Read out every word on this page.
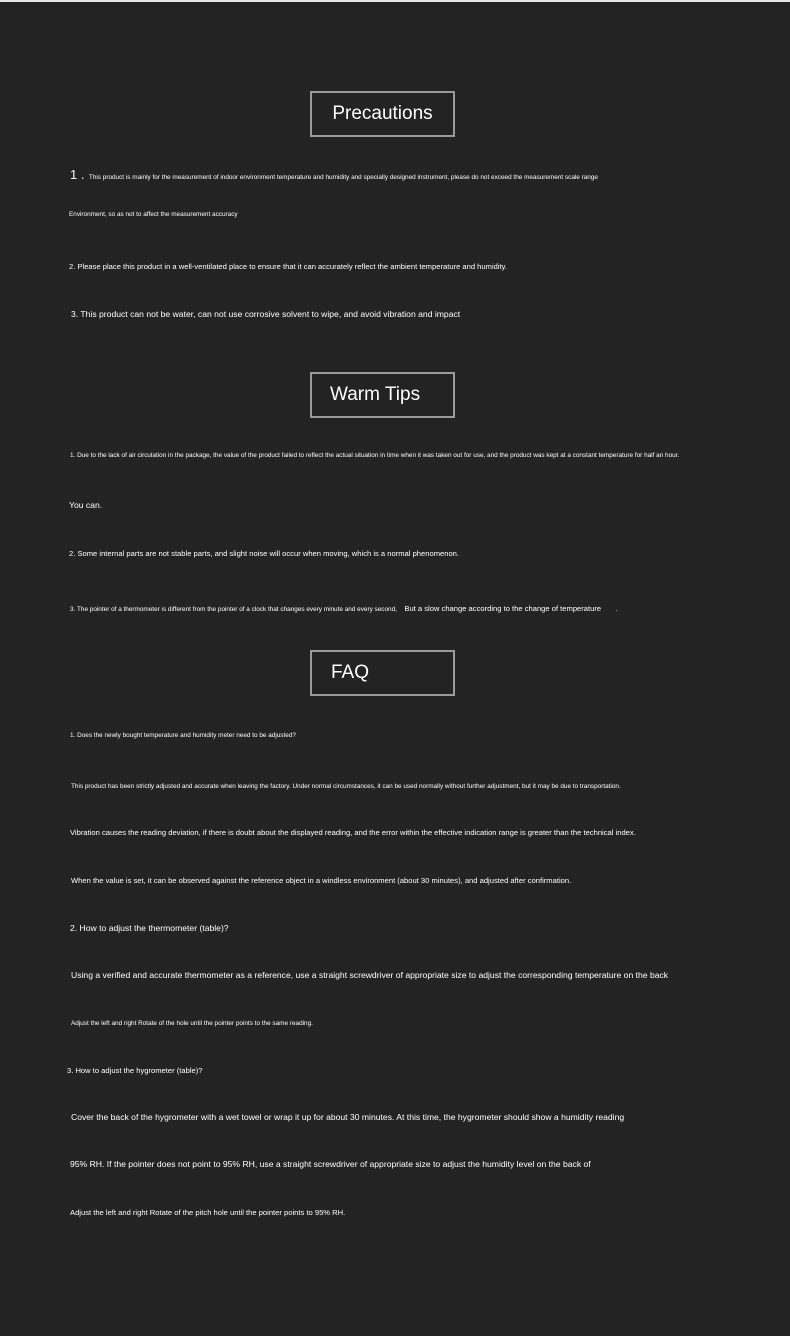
Precautions
1 . This product is mainly for the measurement of indoor environment temperature and humidity and specially designed instrument, please do not exceed the measurement scale range
Environment, so as not to affect the measurement accuracy
2. Please place this product in a well-ventilated place to ensure that it can accurately reflect the ambient temperature and humidity.
3. This product can not be water, can not use corrosive solvent to wipe, and avoid vibration and impact
Warm Tips
1. Due to the lack of air circulation in the package, the value of the product failed to reflect the actual situation in time when it was taken out for use, and the product was kept at a constant temperature for half an hour.
You can.
2. Some internal parts are not stable parts, and slight noise will occur when moving, which is a normal phenomenon.
3. The pointer of a thermometer is different from the pointer of a clock that changes every minute and every second, But a slow change according to the change of temperature .
FAQ
1. Does the newly bought temperature and humidity meter need to be adjusted?
This product has been strictly adjusted and accurate when leaving the factory. Under normal circumstances, it can be used normally without further adjustment, but it may be due to transportation.
Vibration causes the reading deviation, if there is doubt about the displayed reading, and the error within the effective indication range is greater than the technical index.
When the value is set, it can be observed against the reference object in a windless environment (about 30 minutes), and adjusted after confirmation.
2. How to adjust the thermometer (table)?
Using a verified and accurate thermometer as a reference, use a straight screwdriver of appropriate size to adjust the corresponding temperature on the back
Adjust the left and right Rotate of the hole until the pointer points to the same reading.
3. How to adjust the hygrometer (table)?
Cover the back of the hygrometer with a wet towel or wrap it up for about 30 minutes. At this time, the hygrometer should show a humidity reading
95% RH. If the pointer does not point to 95% RH, use a straight screwdriver of appropriate size to adjust the humidity level on the back of
Adjust the left and right Rotate of the pitch hole until the pointer points to 95% RH.
